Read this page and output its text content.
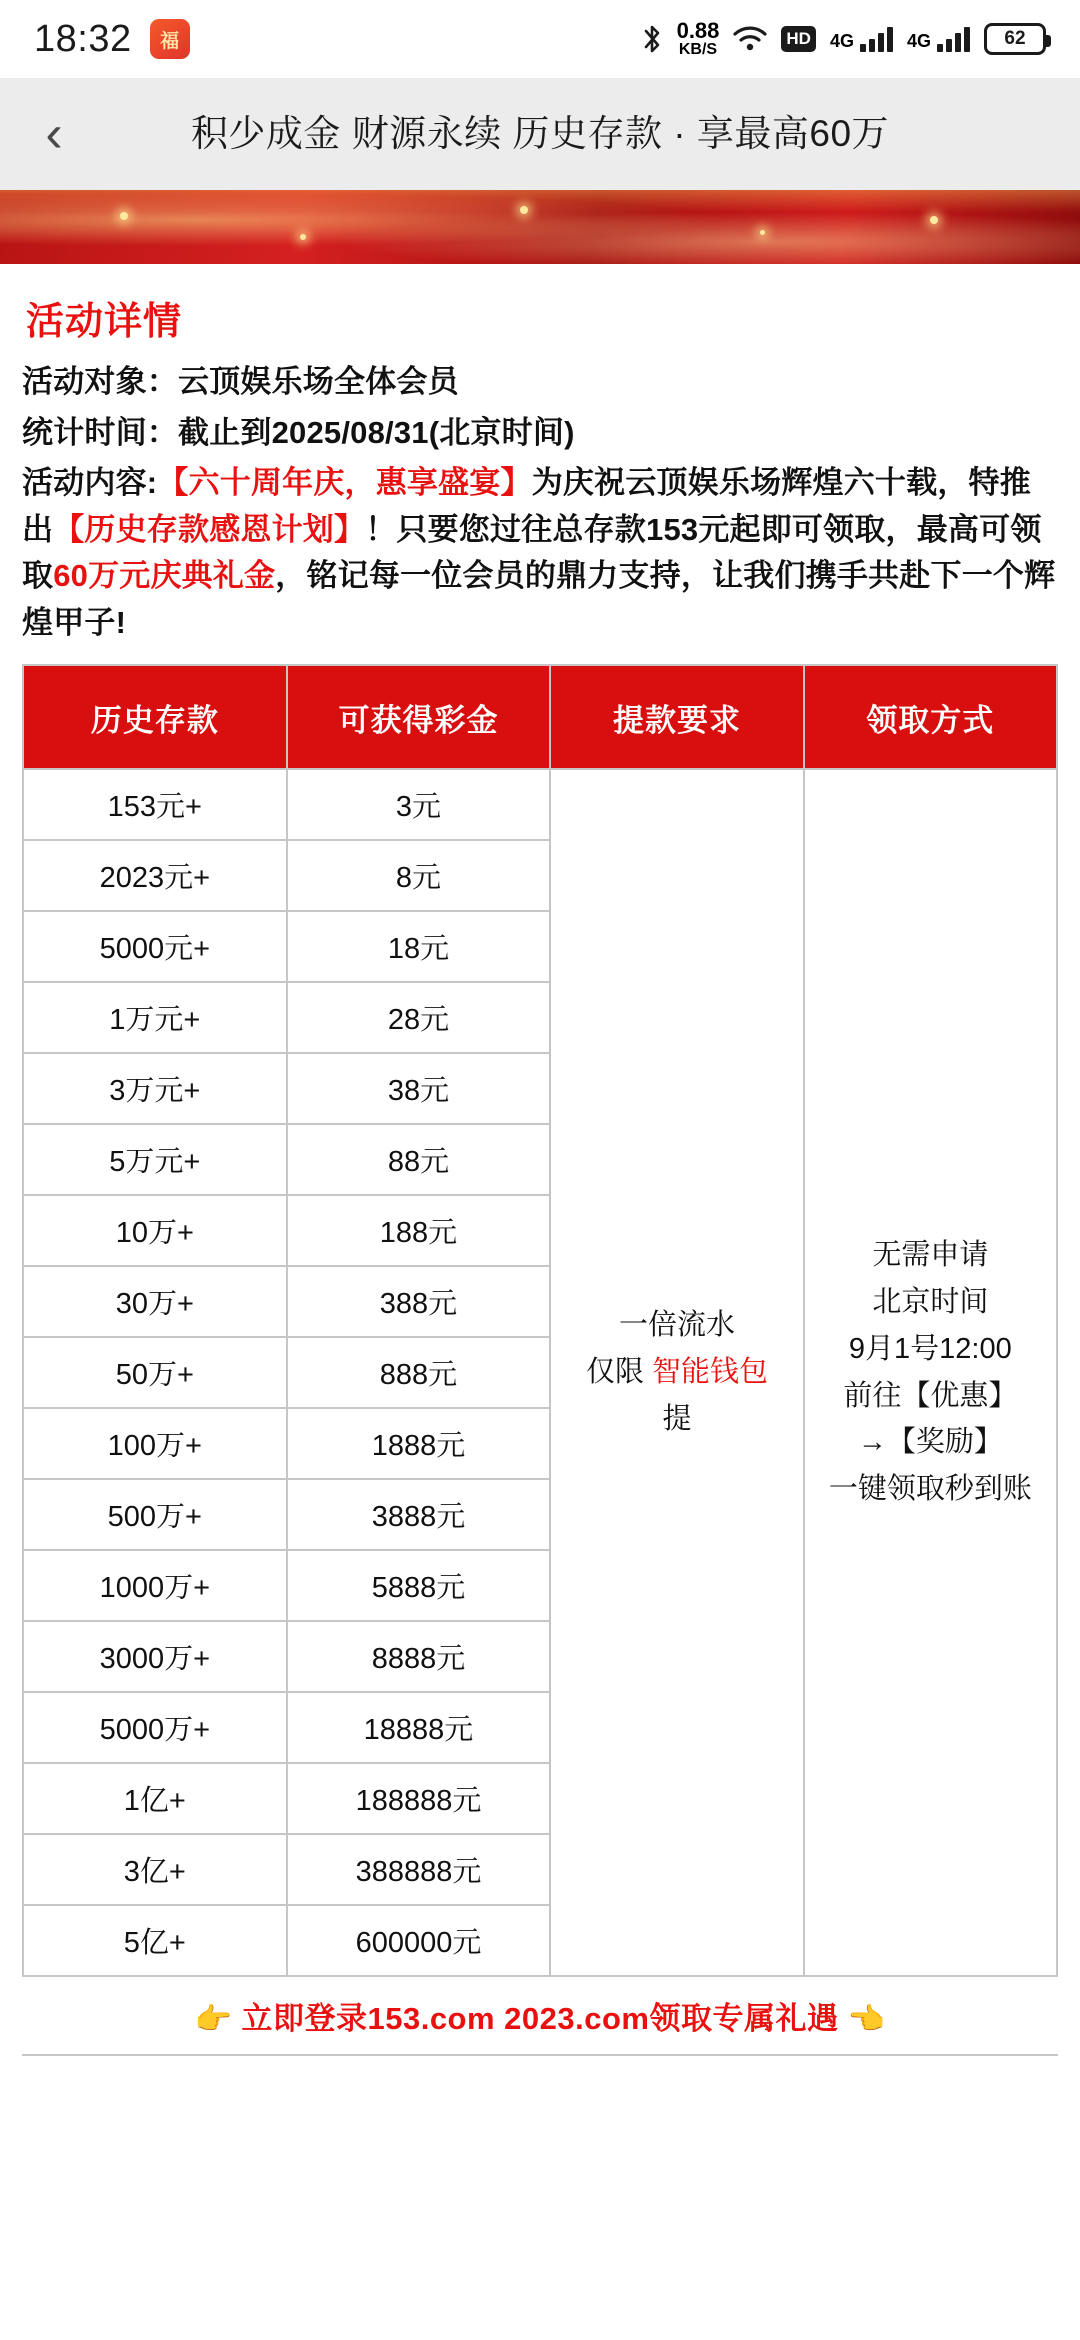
18:32	福	0.88
KB/S
HD 4G	4G	62
‹	积少成金 财源永续 历史存款 · 享最高60万
活动详情
活动对象：云顶娱乐场全体会员
统计时间：截止到2025/08/31(北京时间)
活动内容:【六十周年庆，惠享盛宴】为庆祝云顶娱乐场辉煌六十载，特推出【历史存款感恩计划】！只要您过往总存款153元起即可领取，最高可领取60万元庆典礼金，铭记每一位会员的鼎力支持，让我们携手共赴下一个辉煌甲子!
历史存款	可获得彩金	提款要求	领取方式
153元+	3元	
一倍流水
仅限 智能钱包
提

无需申请
北京时间
9月1号12:00
前往【优惠】
→【奖励】
一键领取秒到账

2023元+	8元		
5000元+	18元		
1万元+	28元		
3万元+	38元		
5万元+	88元		
10万+	188元		
30万+	388元		
50万+	888元		
100万+	1888元		
500万+	3888元		
1000万+	5888元		
3000万+	8888元		
5000万+	18888元		
1亿+	188888元		
3亿+	388888元		
5亿+	600000元		
👉 立即登录153.com 2023.com领取专属礼遇 👈
